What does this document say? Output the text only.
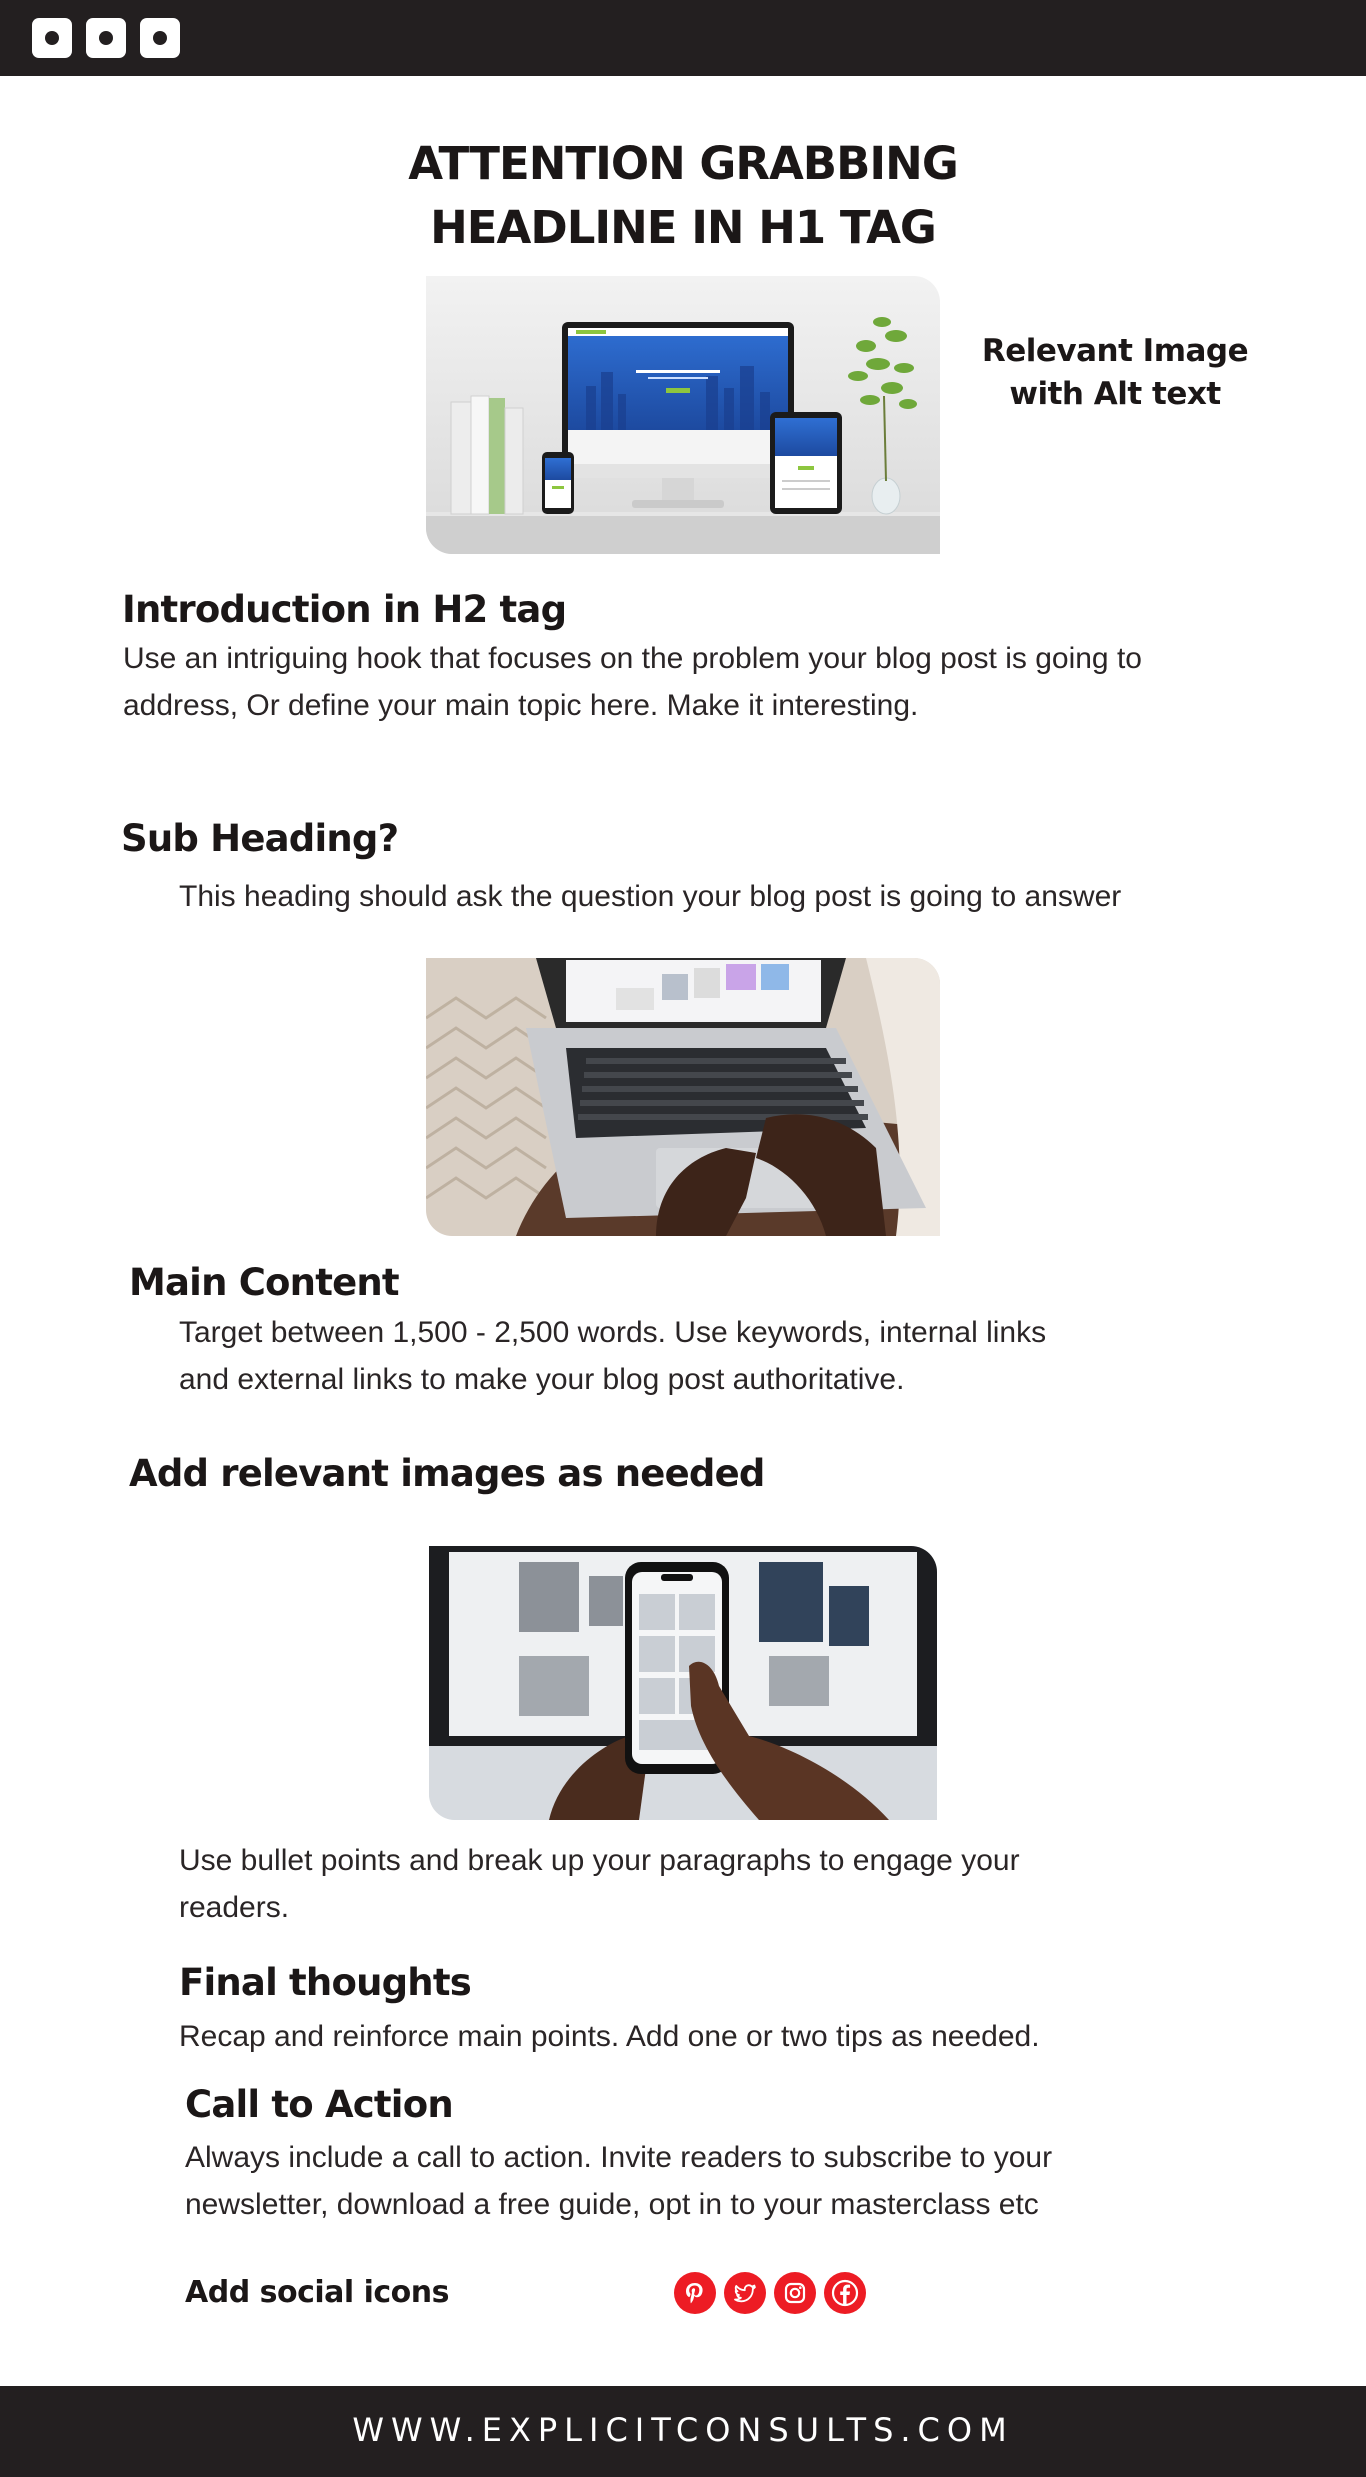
ATTENTION GRABBING
HEADLINE IN H1 TAG
Relevant Image
with Alt text
Introduction in H2 tag

Use an intriguing hook that focuses on the problem your blog post is going to
address, Or define your main topic here. Make it interesting.

Sub Heading?

This heading should ask the question your blog post is going to answer

Main Content

Target between 1,500 - 2,500 words. Use keywords, internal links
and external links to make your blog post authoritative.

Add relevant images as needed

Use bullet points and break up your paragraphs to engage your
readers.

Final thoughts

Recap and reinforce main points. Add one or two tips as needed.

Call to Action

Always include a call to action. Invite readers to subscribe to your
newsletter, download a free guide, opt in to your masterclass etc

Add social icons
WWW.EXPLICITCONSULTS.COM
